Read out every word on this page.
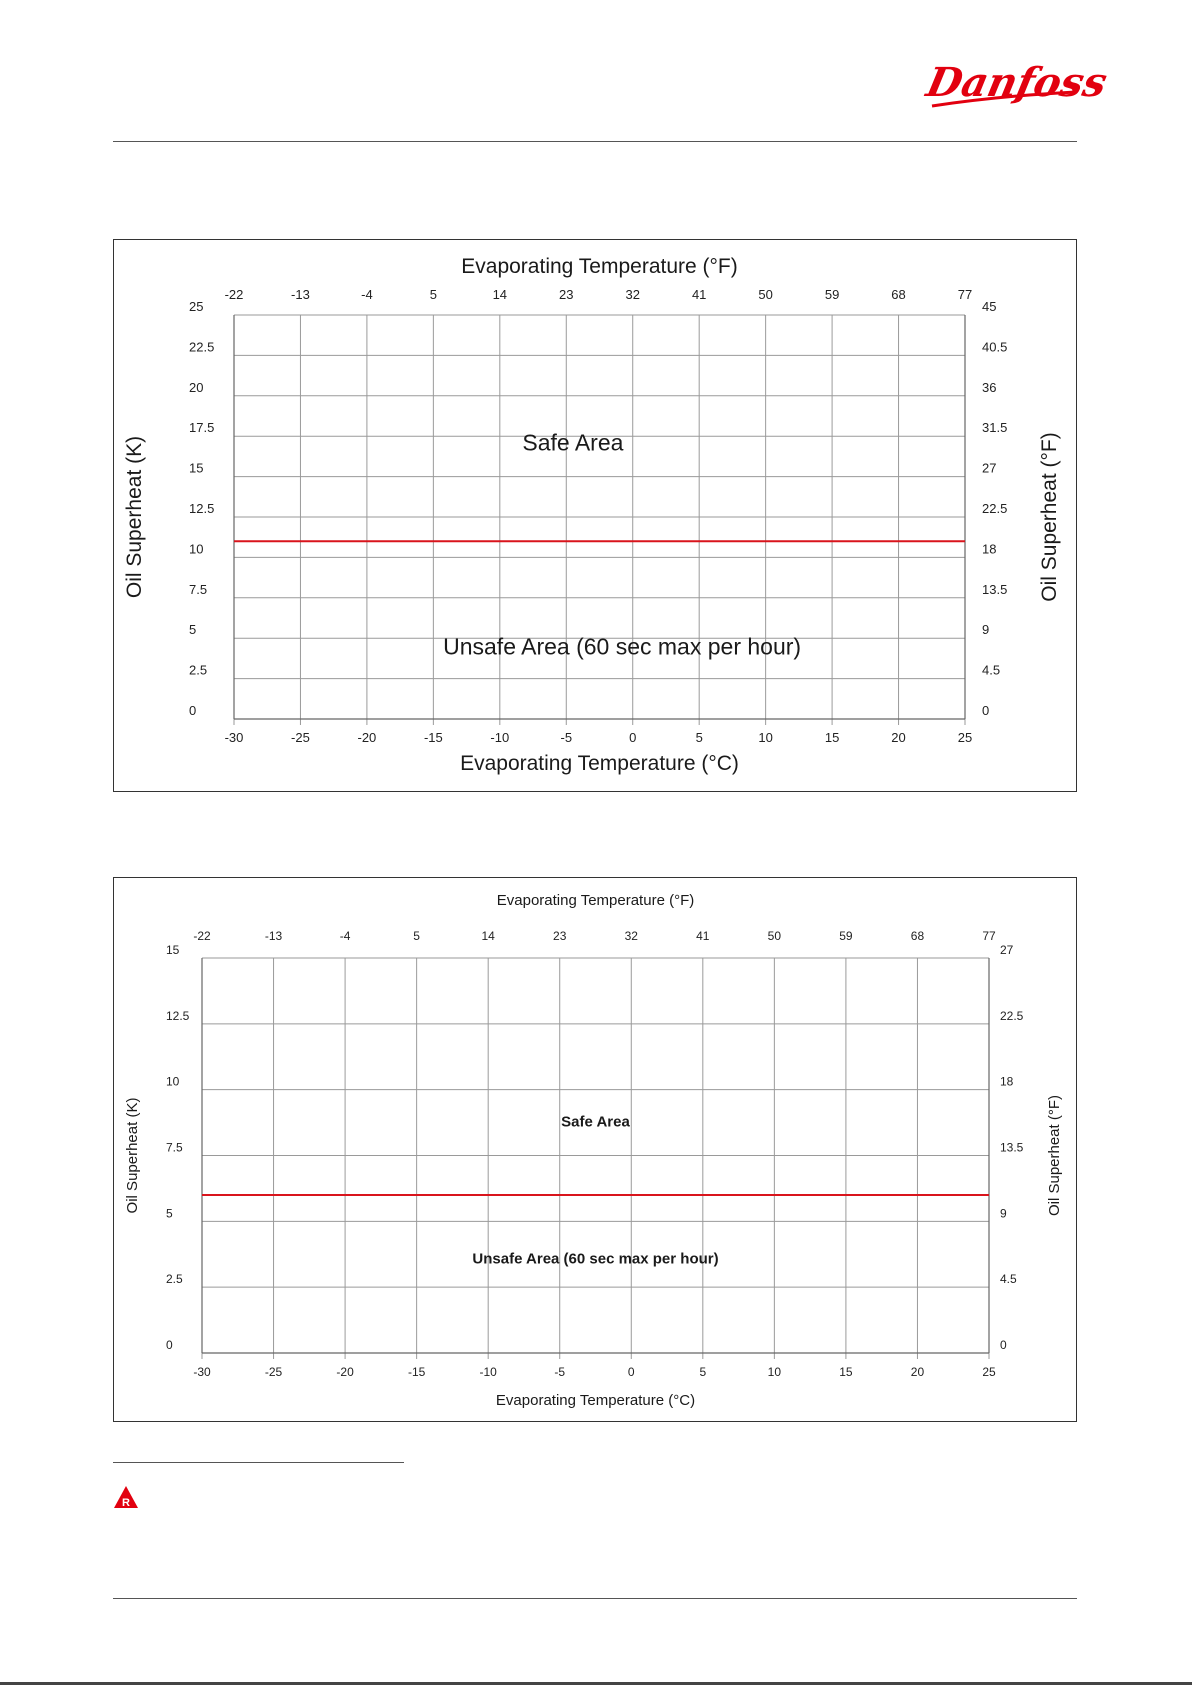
Danfoss
-30
-22
-25
-13
-20
-4
-15
5
-10
14
-5
23
0
32
5
41
10
50
15
59
20
68
25
77
0	0
2.5	4.5
5	9
7.5	13.5
10	18
12.5	22.5
15	27
17.5	31.5
20	36
22.5	40.5
25	45
Evaporating Temperature (°F)
Evaporating Temperature (°C)
Oil Superheat (K)	Oil Superheat (°F)
Safe Area
Unsafe Area (60 sec max per hour)
-30
-22
-25
-13
-20
-4
-15
5
-10
14
-5
23
0
32
5
41
10
50
15
59
20
68
25
77
0	0
2.5	4.5
5	9
7.5	13.5
10	18
12.5	22.5
15	27
Evaporating Temperature (°F)
Evaporating Temperature (°C)
Oil Superheat (K)	Oil Superheat (°F)
Safe Area
Unsafe Area (60 sec max per hour)
R
